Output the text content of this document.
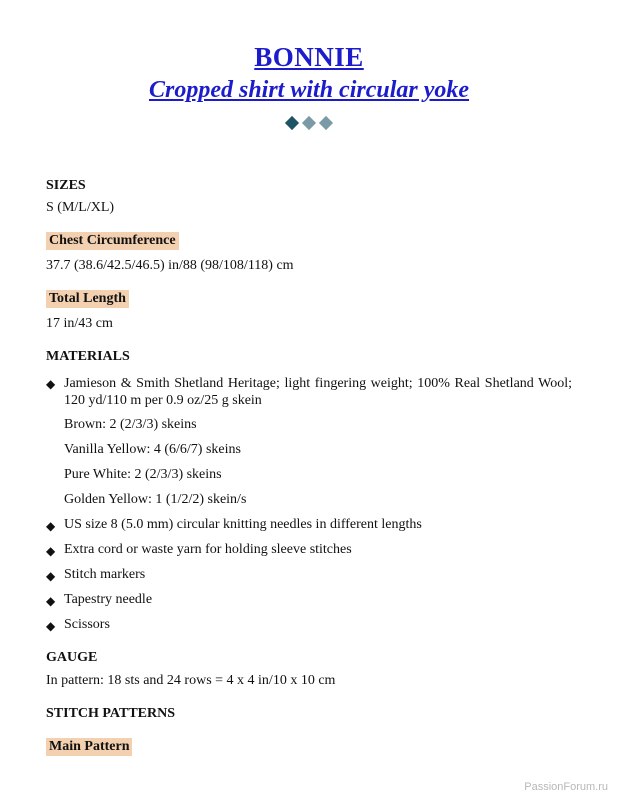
BONNIE
Cropped shirt with circular yoke
SIZES
S (M/L/XL)
Chest Circumference
37.7 (38.6/42.5/46.5) in/88 (98/108/118) cm
Total Length
17 in/43 cm
MATERIALS
◆ Jamieson & Smith Shetland Heritage; light fingering weight; 100% Real Shetland Wool; 120 yd/110 m per 0.9 oz/25 g skein
Brown: 2 (2/3/3) skeins
Vanilla Yellow: 4 (6/6/7) skeins
Pure White: 2 (2/3/3) skeins
Golden Yellow: 1 (1/2/2) skein/s
◆ US size 8 (5.0 mm) circular knitting needles in different lengths
◆ Extra cord or waste yarn for holding sleeve stitches
◆ Stitch markers
◆ Tapestry needle
◆ Scissors
GAUGE
In pattern: 18 sts and 24 rows = 4 x 4 in/10 x 10 cm
STITCH PATTERNS
Main Pattern
PassionForum.ru
